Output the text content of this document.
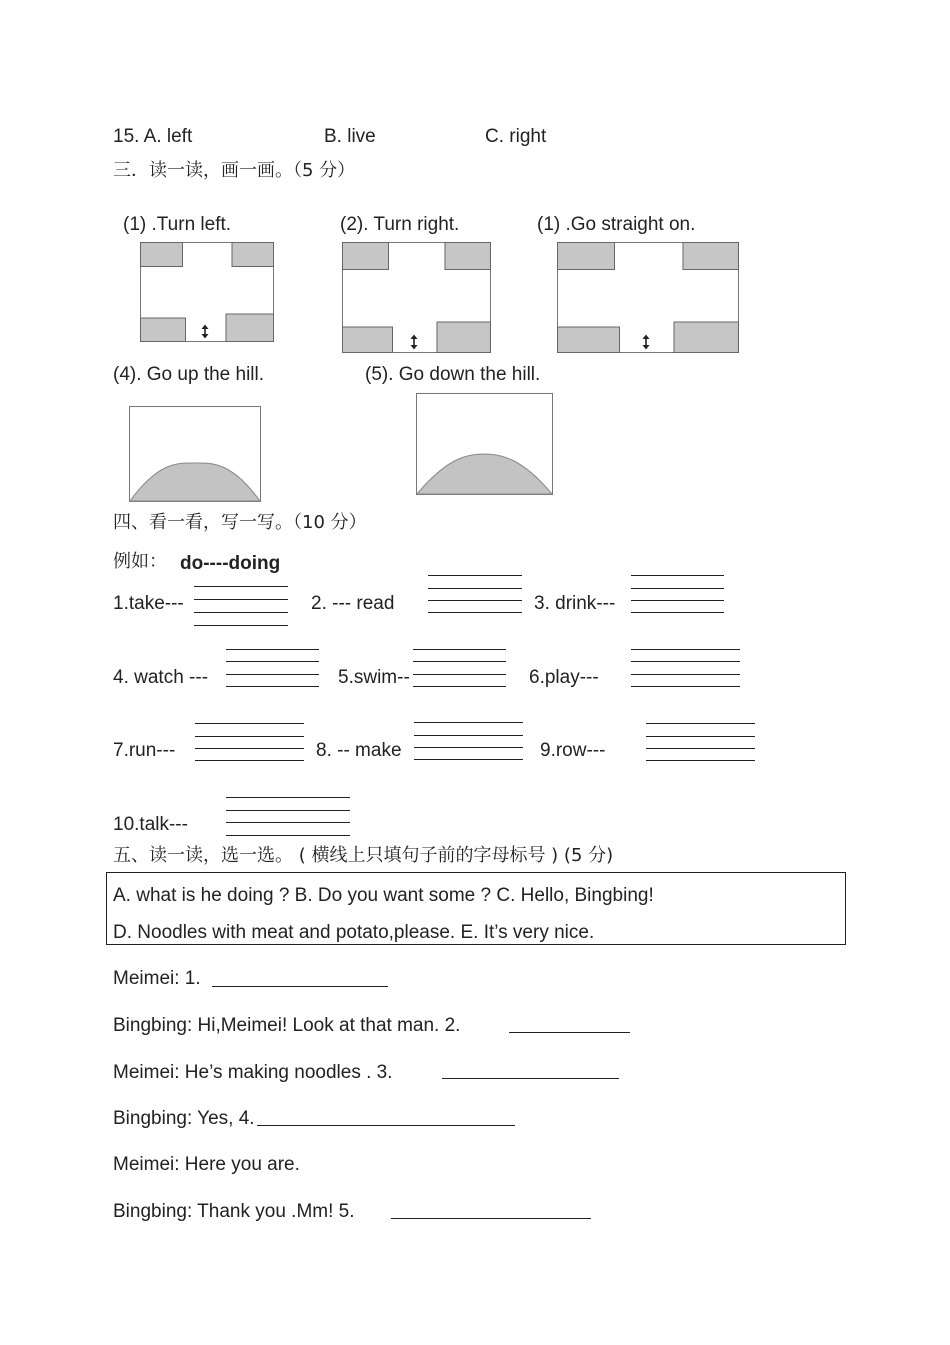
15. A. left	B. live	C. right
三．读一读，画一画。（5 分）
(1) .Turn left.	(2). Turn right.	(1) .Go straight on.
(4). Go up the hill.	(5). Go down the hill.
四、看一看，写一写。（10 分）
例如： do----doing
1.take---	2. --- read	3. drink---
4. watch ---	5.swim--	6.play---
7.run---	8. -- make	9.row---
10.talk---
五、读一读，选一选。 ( 横线上只填句子前的字母标号 ) (5 分)
A. what is he doing ? B. Do you want some ? C. Hello, Bingbing!
D. Noodles with meat and potato,please. E. It’s very nice.
Meimei: 1.
Bingbing: Hi,Meimei! Look at that man. 2.
Meimei: He’s making noodles . 3.
Bingbing: Yes, 4.
Meimei: Here you are.
Bingbing: Thank you .Mm! 5.
